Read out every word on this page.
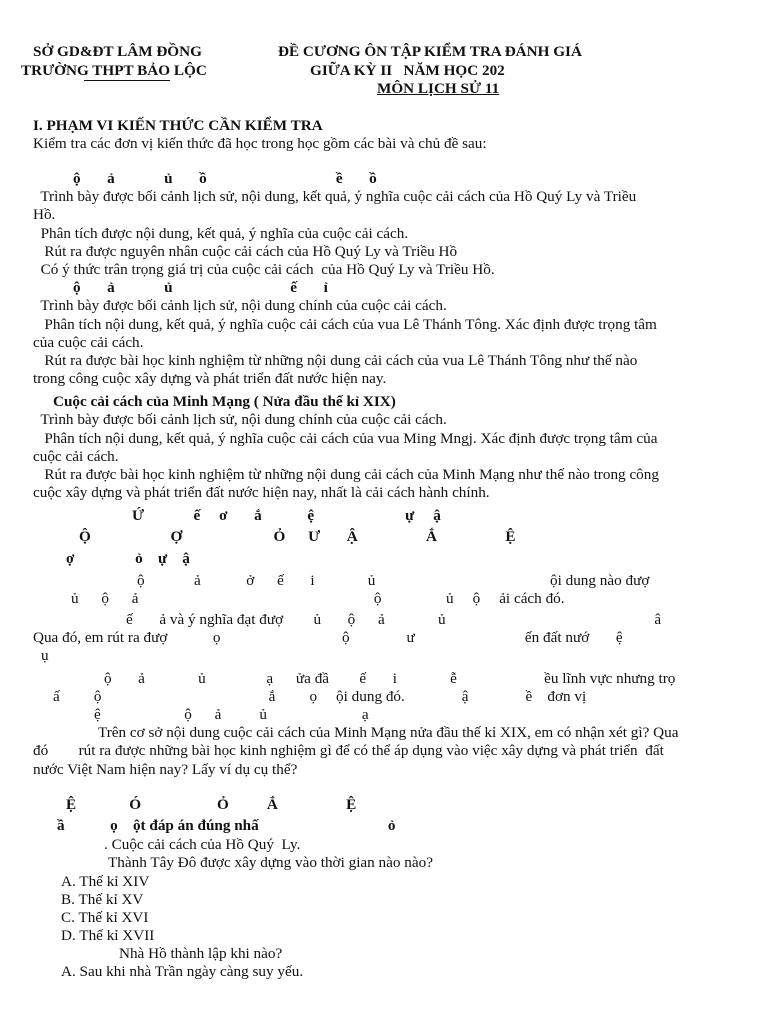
SỞ GD&ĐT LÂM ĐỒNG
TRƯỜNG THPT BẢO LỘC
ĐỀ CƯƠNG ÔN TẬP KIỂM TRA ĐÁNH GIÁ
GIỮA KỲ II   NĂM HỌC 202
MÔN LỊCH SỬ 11
I. PHẠM VI KIẾN THỨC CẦN KIỂM TRA
Kiểm tra các đơn vị kiến thức đã học trong học gồm các bài và chủ đề sau:
ộ       ả             ủ       ồ                                  ề       ồ
Trình bày được bối cảnh lịch sử, nội dung, kết quả, ý nghĩa cuộc cải cách của Hồ Quý Ly và Triều
Hồ.
Phân tích được nội dung, kết quả, ý nghĩa của cuộc cải cách.
Rút ra được nguyên nhân cuộc cải cách của Hồ Quý Ly và Triều Hồ
Có ý thức trân trọng giá trị của cuộc cải cách  của Hồ Quý Ly và Triều Hồ.
ộ       ả             ủ                               ế       ỉ
Trình bày được bối cảnh lịch sử, nội dung chính của cuộc cải cách.
Phân tích nội dung, kết quả, ý nghĩa cuộc cải cách của vua Lê Thánh Tông. Xác định được trọng tâm
của cuộc cải cách.
Rút ra được bài học kinh nghiệm từ những nội dung cải cách của vua Lê Thánh Tông như thế nào
trong công cuộc xây dựng và phát triển đất nước hiện nay.
Cuộc cải cách của Minh Mạng ( Nửa đầu thế kỉ XIX)
Trình bày được bối cảnh lịch sử, nội dung chính của cuộc cải cách.
Phân tích nội dung, kết quả, ý nghĩa cuộc cải cách của vua Ming Mngj. Xác định được trọng tâm của
cuộc cải cách.
Rút ra được bài học kinh nghiệm từ những nội dung cải cách của Minh Mạng như thế nào trong công
cuộc xây dựng và phát triển đất nước hiện nay, nhất là cải cách hành chính.
Ứ             ế     ơ       ắ            ệ                        ự     ậ
Ộ                     Ợ                        Ỏ      Ư       Ậ                  Ắ                  Ệ
ợ                ỏ    ự    ậ
ộ             ả            ở      ế       i              ủ                                              ội dung nào đượ
ủ      ộ      ả                                                              ộ                 ủ     ộ     ải cách đó.
ế       ả và ý nghĩa đạt đượ        ủ       ộ      ả              ủ                                                       â
Qua đó, em rút ra đượ            ọ                                ộ               ư                             ến đất nướ       ệ
ụ
ộ       ả              ủ                ạ      ửa đầ        ế       i              ễ                       ều lĩnh vực nhưng trọ
ấ         ộ                                            ắ         ọ     ội dung đó.               ậ               ề    đơn vị
ệ                      ộ      ả          ủ                         ạ
Trên cơ sở nội dung cuộc cải cách của Minh Mạng nửa đầu thế kỉ XIX, em có nhận xét gì? Qua
đó        rút ra được những bài học kinh nghiệm gì để có thể áp dụng vào việc xây dựng và phát triển  đất
nước Việt Nam hiện nay? Lấy ví dụ cụ thể?
Ệ              Ó                    Ỏ          Ắ                  Ệ
ầ            ọ    ột đáp án đúng nhấ                                  ỏ
. Cuộc cải cách của Hồ Quý  Ly.
Thành Tây Đô được xây dựng vào thời gian nào nào?
A. Thế kỉ XIV
B. Thế kỉ XV
C. Thế kỉ XVI
D. Thế kỉ XVII
Nhà Hồ thành lập khi nào?
A. Sau khi nhà Trần ngày càng suy yếu.
